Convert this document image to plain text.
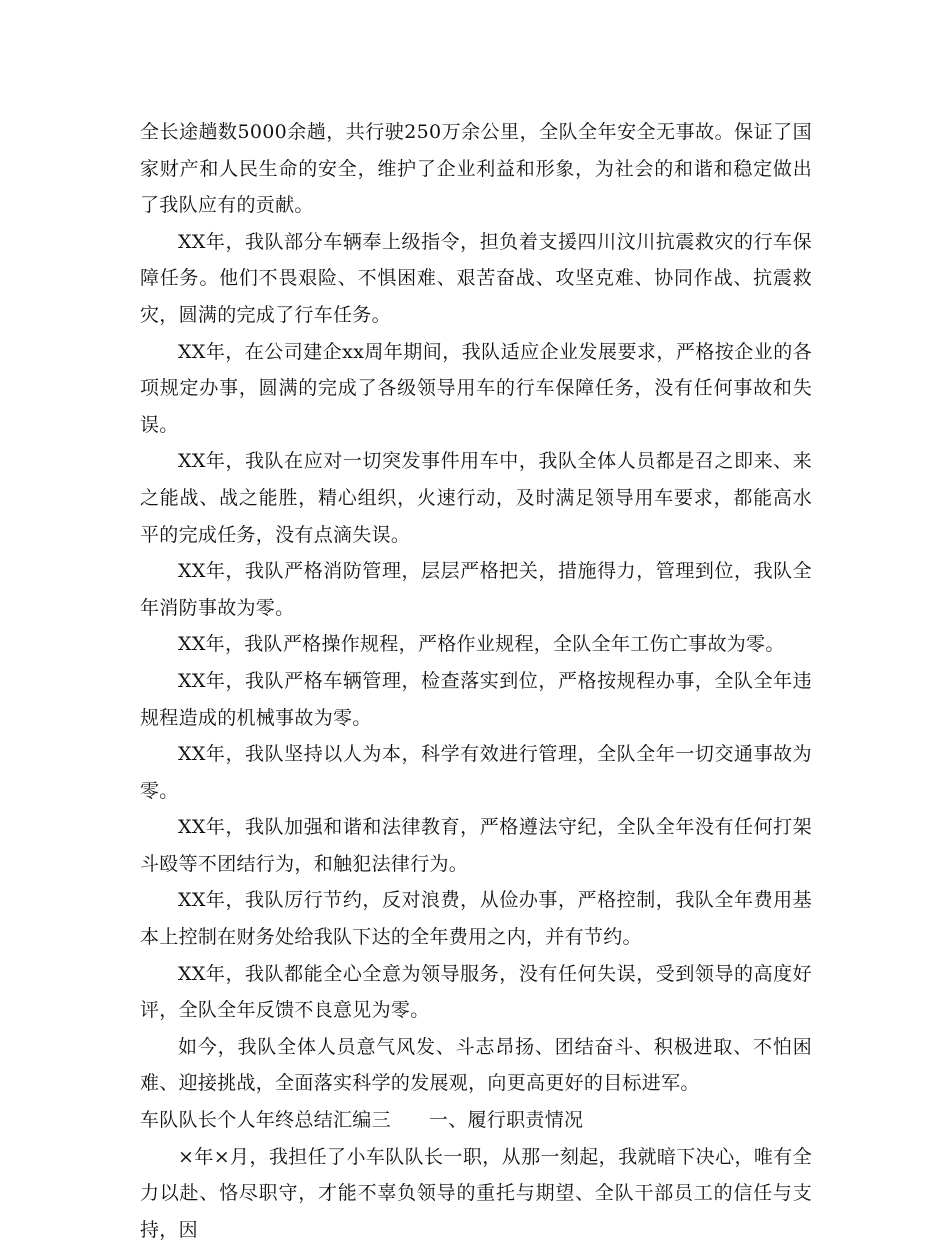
全长途趟数5000余趟，共行驶250万余公里，全队全年安全无事故。保证了国家财产和人民生命的安全，维护了企业利益和形象，为社会的和谐和稳定做出了我队应有的贡献。

XX年，我队部分车辆奉上级指令，担负着支援四川汶川抗震救灾的行车保障任务。他们不畏艰险、不惧困难、艰苦奋战、攻坚克难、协同作战、抗震救灾，圆满的完成了行车任务。

XX年，在公司建企xx周年期间，我队适应企业发展要求，严格按企业的各项规定办事，圆满的完成了各级领导用车的行车保障任务，没有任何事故和失误。

XX年，我队在应对一切突发事件用车中，我队全体人员都是召之即来、来之能战、战之能胜，精心组织，火速行动，及时满足领导用车要求，都能高水平的完成任务，没有点滴失误。

XX年，我队严格消防管理，层层严格把关，措施得力，管理到位，我队全年消防事故为零。

XX年，我队严格操作规程，严格作业规程，全队全年工伤亡事故为零。

XX年，我队严格车辆管理，检查落实到位，严格按规程办事，全队全年违规程造成的机械事故为零。

XX年，我队坚持以人为本，科学有效进行管理，全队全年一切交通事故为零。

XX年，我队加强和谐和法律教育，严格遵法守纪，全队全年没有任何打架斗殴等不团结行为，和触犯法律行为。

XX年，我队厉行节约，反对浪费，从俭办事，严格控制，我队全年费用基本上控制在财务处给我队下达的全年费用之内，并有节约。

XX年，我队都能全心全意为领导服务，没有任何失误，受到领导的高度好评，全队全年反馈不良意见为零。

如今，我队全体人员意气风发、斗志昂扬、团结奋斗、积极进取、不怕困难、迎接挑战，全面落实科学的发展观，向更高更好的目标进军。

车队队长个人年终总结汇编三 一、履行职责情况

×年×月，我担任了小车队队长一职，从那一刻起，我就暗下决心，唯有全力以赴、恪尽职守，才能不辜负领导的重托与期望、全队干部员工的信任与支持，因
